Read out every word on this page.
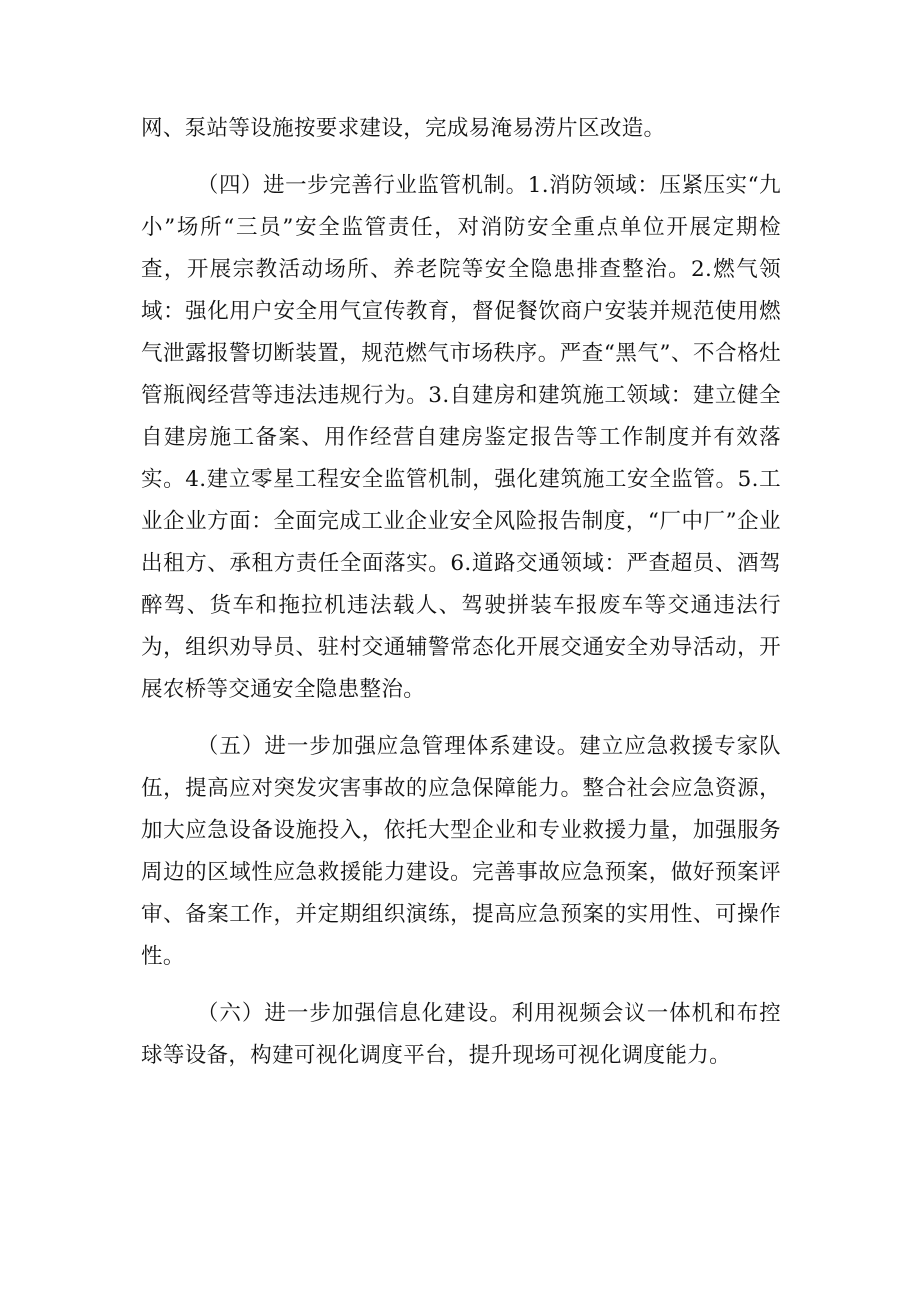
网、泵站等设施按要求建设，完成易淹易涝片区改造。

（四）进一步完善行业监管机制。1.消防领域：压紧压实“九小”场所“三员”安全监管责任，对消防安全重点单位开展定期检查，开展宗教活动场所、养老院等安全隐患排查整治。2.燃气领域：强化用户安全用气宣传教育，督促餐饮商户安装并规范使用燃气泄露报警切断装置，规范燃气市场秩序。严查“黑气”、不合格灶管瓶阀经营等违法违规行为。3.自建房和建筑施工领域：建立健全自建房施工备案、用作经营自建房鉴定报告等工作制度并有效落实。4.建立零星工程安全监管机制，强化建筑施工安全监管。5.工业企业方面：全面完成工业企业安全风险报告制度，“厂中厂”企业出租方、承租方责任全面落实。6.道路交通领域：严查超员、酒驾醉驾、货车和拖拉机违法载人、驾驶拼装车报废车等交通违法行为，组织劝导员、驻村交通辅警常态化开展交通安全劝导活动，开展农桥等交通安全隐患整治。

（五）进一步加强应急管理体系建设。建立应急救援专家队伍，提高应对突发灾害事故的应急保障能力。整合社会应急资源，加大应急设备设施投入，依托大型企业和专业救援力量，加强服务周边的区域性应急救援能力建设。完善事故应急预案，做好预案评审、备案工作，并定期组织演练，提高应急预案的实用性、可操作性。

（六）进一步加强信息化建设。利用视频会议一体机和布控球等设备，构建可视化调度平台，提升现场可视化调度能力。
